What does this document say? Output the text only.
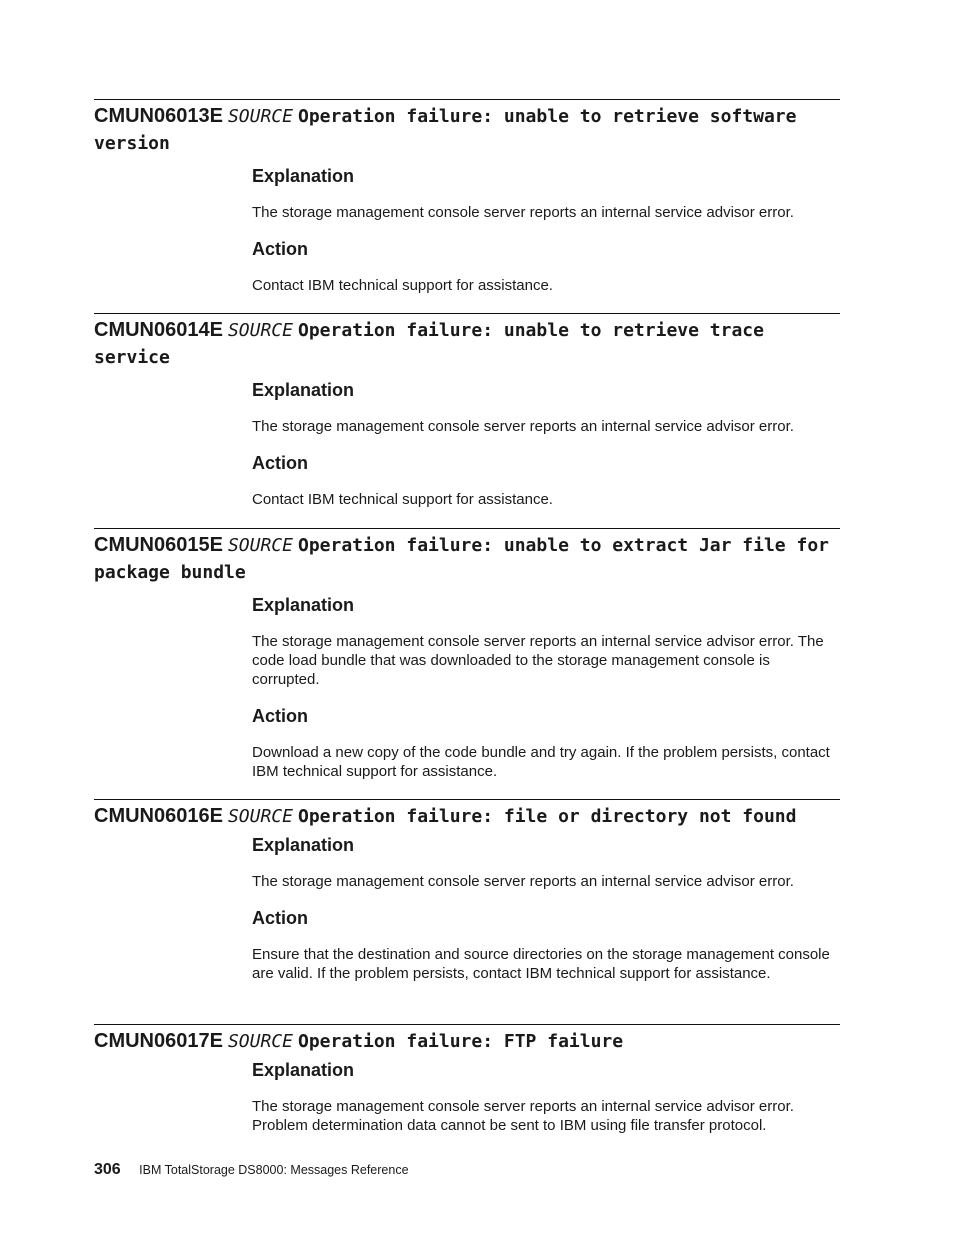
CMUN06013E SOURCE Operation failure: unable to retrieve software version

Explanation

The storage management console server reports an internal service advisor error.

Action

Contact IBM technical support for assistance.

CMUN06014E SOURCE Operation failure: unable to retrieve trace service

Explanation

The storage management console server reports an internal service advisor error.

Action

Contact IBM technical support for assistance.

CMUN06015E SOURCE Operation failure: unable to extract Jar file for package bundle

Explanation

The storage management console server reports an internal service advisor error. The code load bundle that was downloaded to the storage management console is corrupted.

Action

Download a new copy of the code bundle and try again. If the problem persists, contact IBM technical support for assistance.

CMUN06016E SOURCE Operation failure: file or directory not found

Explanation

The storage management console server reports an internal service advisor error.

Action

Ensure that the destination and source directories on the storage management console are valid. If the problem persists, contact IBM technical support for assistance.

CMUN06017E SOURCE Operation failure: FTP failure

Explanation

The storage management console server reports an internal service advisor error. Problem determination data cannot be sent to IBM using file transfer protocol.

306 IBM TotalStorage DS8000: Messages Reference
